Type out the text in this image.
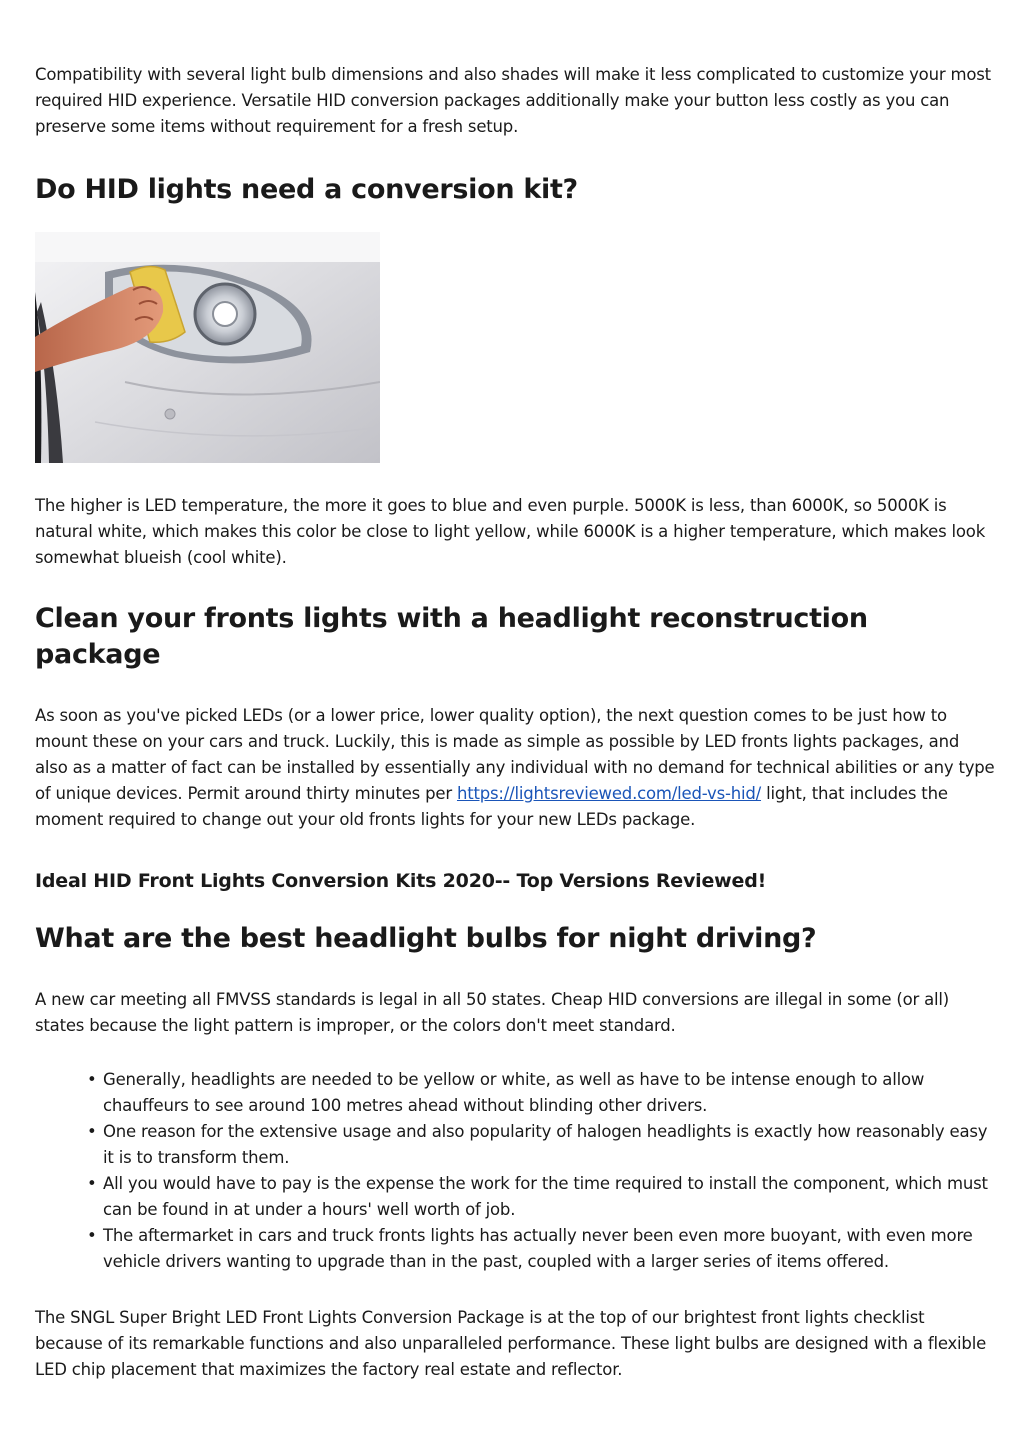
Compatibility with several light bulb dimensions and also shades will make it less complicated to customize your most required HID experience. Versatile HID conversion packages additionally make your button less costly as you can preserve some items without requirement for a fresh setup.

Do HID lights need a conversion kit?

The higher is LED temperature, the more it goes to blue and even purple. 5000K is less, than 6000K, so 5000K is natural white, which makes this color be close to light yellow, while 6000K is a higher temperature, which makes look somewhat blueish (cool white).

Clean your fronts lights with a headlight reconstruction package

As soon as you've picked LEDs (or a lower price, lower quality option), the next question comes to be just how to mount these on your cars and truck. Luckily, this is made as simple as possible by LED fronts lights packages, and also as a matter of fact can be installed by essentially any individual with no demand for technical abilities or any type of unique devices. Permit around thirty minutes per https://lightsreviewed.com/led-vs-hid/ light, that includes the moment required to change out your old fronts lights for your new LEDs package.

Ideal HID Front Lights Conversion Kits 2020-- Top Versions Reviewed!
What are the best headlight bulbs for night driving?

A new car meeting all FMVSS standards is legal in all 50 states. Cheap HID conversions are illegal in some (or all) states because the light pattern is improper, or the colors don't meet standard.

• Generally, headlights are needed to be yellow or white, as well as have to be intense enough to allow chauffeurs to see around 100 metres ahead without blinding other drivers.
• One reason for the extensive usage and also popularity of halogen headlights is exactly how reasonably easy it is to transform them.
• All you would have to pay is the expense the work for the time required to install the component, which must can be found in at under a hours' well worth of job.
• The aftermarket in cars and truck fronts lights has actually never been even more buoyant, with even more vehicle drivers wanting to upgrade than in the past, coupled with a larger series of items offered.

The SNGL Super Bright LED Front Lights Conversion Package is at the top of our brightest front lights checklist because of its remarkable functions and also unparalleled performance. These light bulbs are designed with a flexible LED chip placement that maximizes the factory real estate and reflector.
